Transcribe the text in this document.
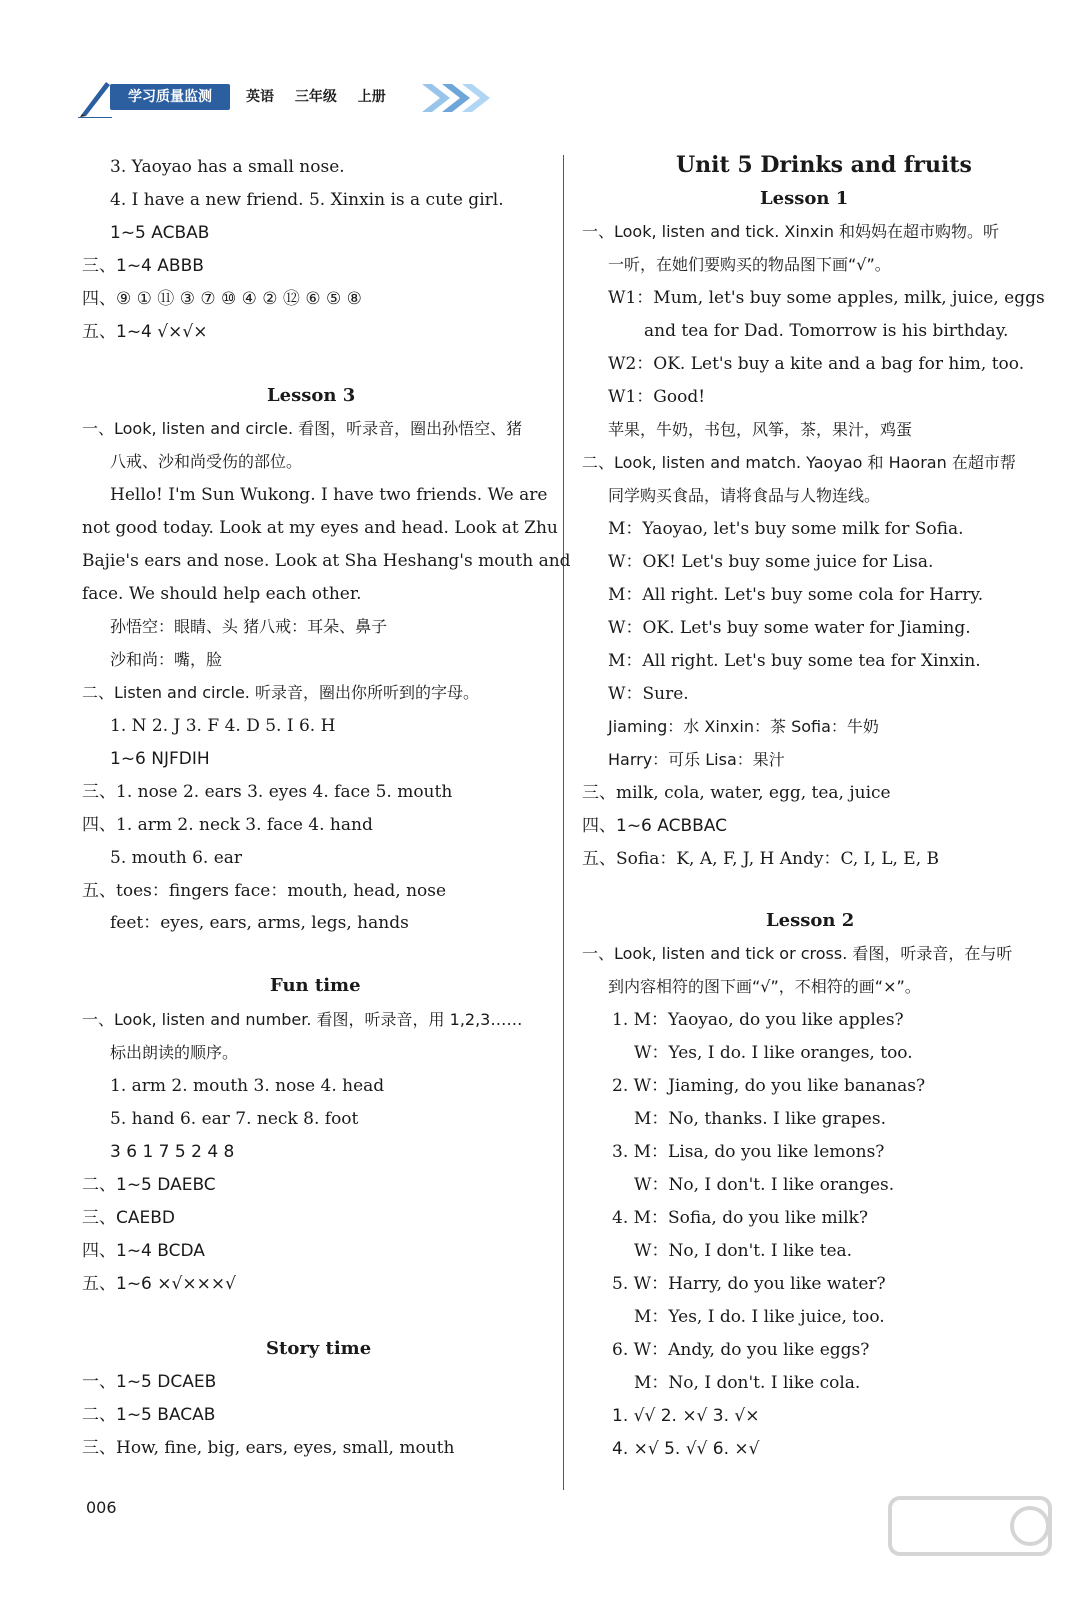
学习质量监测	英语 三年级 上册
3. Yaoyao has a small nose.
4. I have a new friend. 5. Xinxin is a cute girl.
1~5 ACBAB
三、1~4 ABBB
四、⑨ ① ⑪ ③ ⑦ ⑩ ④ ② ⑫ ⑥ ⑤ ⑧
五、1~4 √×√×
Lesson 3
一、Look, listen and circle. 看图，听录音，圈出孙悟空、猪
八戒、沙和尚受伤的部位。
Hello! I'm Sun Wukong. I have two friends. We are
not good today. Look at my eyes and head. Look at Zhu
Bajie's ears and nose. Look at Sha Heshang's mouth and
face. We should help each other.
孙悟空：眼睛、头 猪八戒：耳朵、鼻子
沙和尚：嘴，脸
二、Listen and circle. 听录音，圈出你所听到的字母。
1. N 2. J 3. F 4. D 5. I 6. H
1~6 NJFDIH
三、1. nose 2. ears 3. eyes 4. face 5. mouth
四、1. arm 2. neck 3. face 4. hand
5. mouth 6. ear
五、toes：fingers face：mouth, head, nose
feet：eyes, ears, arms, legs, hands
Fun time
一、Look, listen and number. 看图，听录音，用 1,2,3……
标出朗读的顺序。
1. arm 2. mouth 3. nose 4. head
5. hand 6. ear 7. neck 8. foot
3 6 1 7 5 2 4 8
二、1~5 DAEBC
三、CAEBD
四、1~4 BCDA
五、1~6 ×√×××√
Story time
一、1~5 DCAEB
二、1~5 BACAB
三、How, fine, big, ears, eyes, small, mouth
Unit 5 Drinks and fruits
Lesson 1
一、Look, listen and tick. Xinxin 和妈妈在超市购物。听
一听，在她们要购买的物品图下画“√”。
W1：Mum, let's buy some apples, milk, juice, eggs
and tea for Dad. Tomorrow is his birthday.
W2：OK. Let's buy a kite and a bag for him, too.
W1：Good!
苹果，牛奶，书包，风筝，茶，果汁，鸡蛋
二、Look, listen and match. Yaoyao 和 Haoran 在超市帮
同学购买食品，请将食品与人物连线。
M：Yaoyao, let's buy some milk for Sofia.
W：OK! Let's buy some juice for Lisa.
M：All right. Let's buy some cola for Harry.
W：OK. Let's buy some water for Jiaming.
M：All right. Let's buy some tea for Xinxin.
W：Sure.
Jiaming：水 Xinxin：茶 Sofia：牛奶
Harry：可乐 Lisa：果汁
三、milk, cola, water, egg, tea, juice
四、1~6 ACBBAC
五、Sofia：K, A, F, J, H Andy：C, I, L, E, B
Lesson 2
一、Look, listen and tick or cross. 看图，听录音，在与听
到内容相符的图下画“√”，不相符的画“×”。
1. M：Yaoyao, do you like apples?
W：Yes, I do. I like oranges, too.
2. W：Jiaming, do you like bananas?
M：No, thanks. I like grapes.
3. M：Lisa, do you like lemons?
W：No, I don't. I like oranges.
4. M：Sofia, do you like milk?
W：No, I don't. I like tea.
5. W：Harry, do you like water?
M：Yes, I do. I like juice, too.
6. W：Andy, do you like eggs?
M：No, I don't. I like cola.
1. √√ 2. ×√ 3. √×
4. ×√ 5. √√ 6. ×√
006
